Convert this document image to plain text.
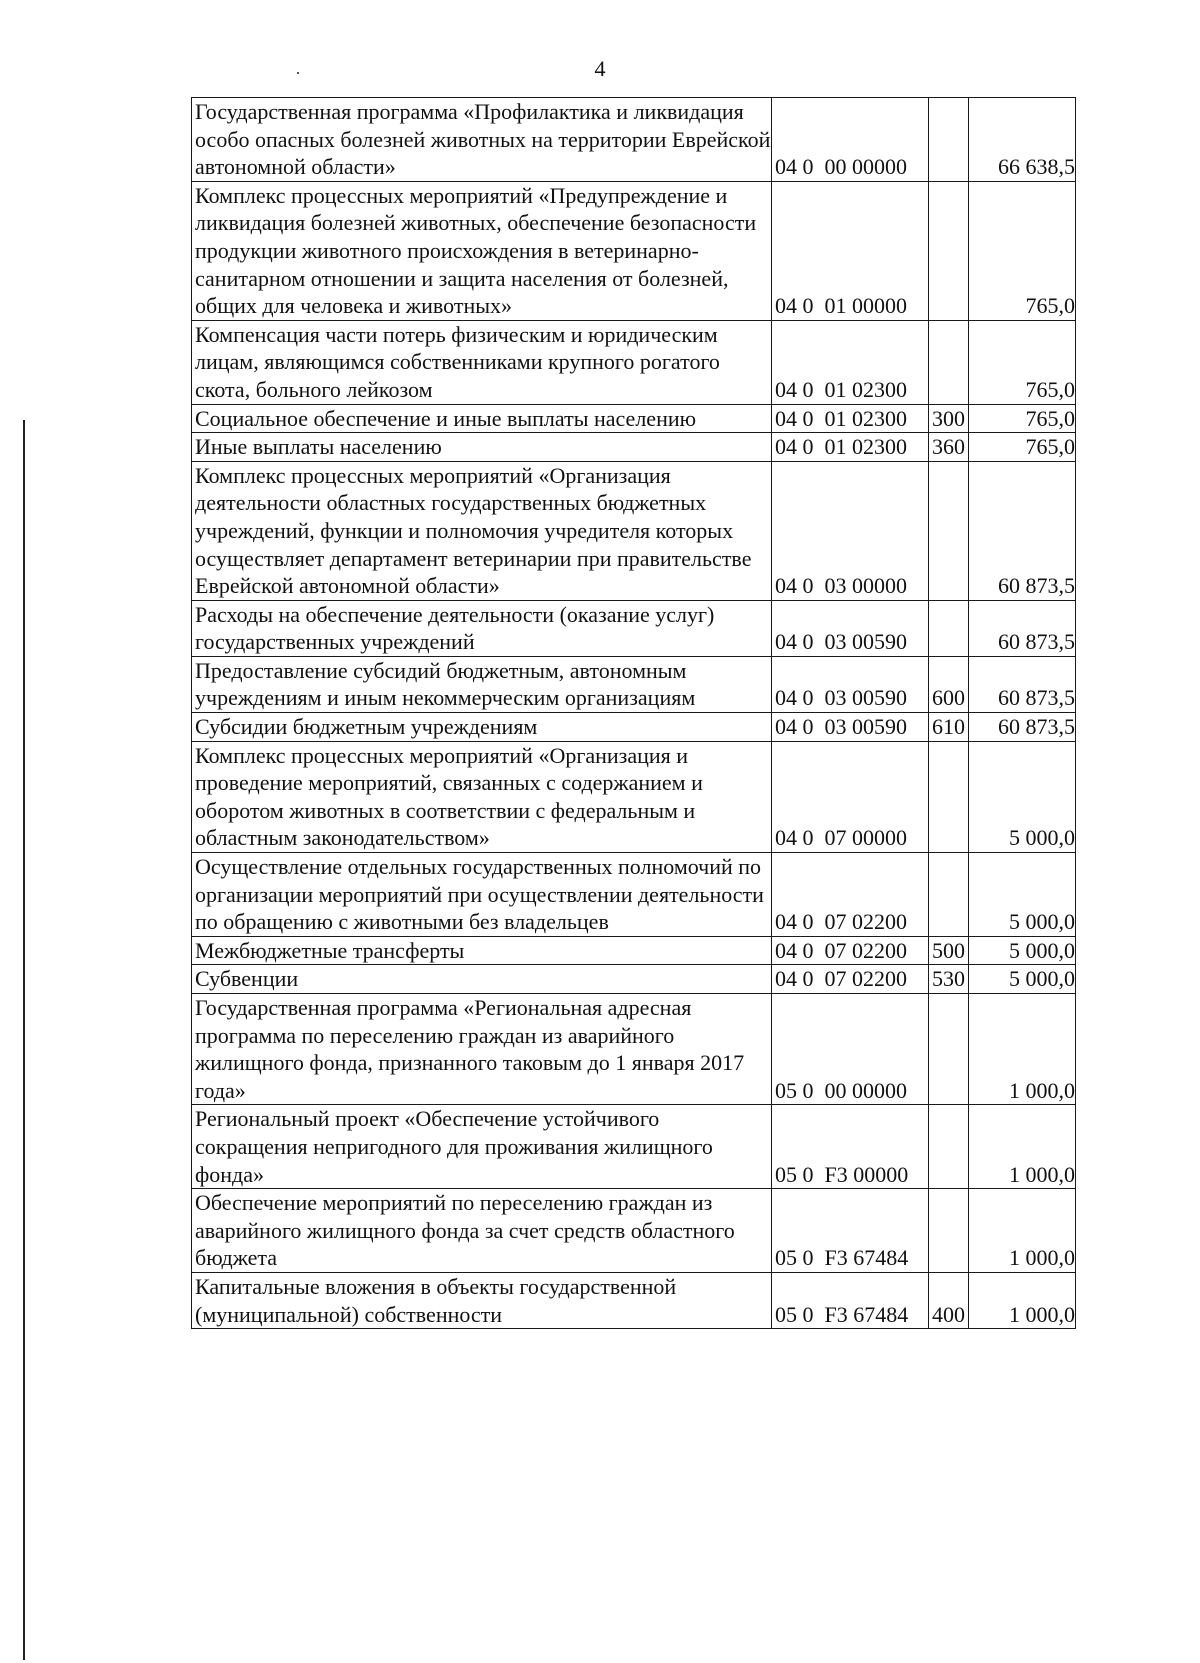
4
Государственная программа «Профилактика и ликвидация особо опасных болезней животных на территории Еврейской автономной области»	04 0  00 00000		66 638,5
Комплекс процессных мероприятий «Предупреждение и ликвидация болезней животных, обеспечение безопасности продукции животного происхождения в ветеринарно-санитарном отношении и защита населения от болезней, общих для человека и животных»	04 0  01 00000		765,0
Компенсация части потерь физическим и юридическим лицам, являющимся собственниками крупного рогатого скота, больного лейкозом	04 0  01 02300		765,0
Социальное обеспечение и иные выплаты населению	04 0  01 02300	300	765,0
Иные выплаты населению	04 0  01 02300	360	765,0
Комплекс процессных мероприятий «Организация деятельности областных государственных бюджетных учреждений, функции и полномочия учредителя которых осуществляет департамент ветеринарии при правительстве Еврейской автономной области»	04 0  03 00000		60 873,5
Расходы на обеспечение деятельности (оказание услуг) государственных учреждений	04 0  03 00590		60 873,5
Предоставление субсидий бюджетным, автономным учреждениям и иным некоммерческим организациям	04 0  03 00590	600	60 873,5
Субсидии бюджетным учреждениям	04 0  03 00590	610	60 873,5
Комплекс процессных мероприятий «Организация и проведение мероприятий, связанных с содержанием и оборотом животных в соответствии с федеральным и областным законодательством»	04 0  07 00000		5 000,0
Осуществление отдельных государственных полномочий по организации мероприятий при осуществлении деятельности по обращению с животными без владельцев	04 0  07 02200		5 000,0
Межбюджетные трансферты	04 0  07 02200	500	5 000,0
Субвенции	04 0  07 02200	530	5 000,0
Государственная программа «Региональная адресная программа по переселению граждан из аварийного жилищного фонда, признанного таковым до 1 января 2017 года»	05 0  00 00000		1 000,0
Региональный проект «Обеспечение устойчивого сокращения непригодного для проживания жилищного фонда»	05 0  F3 00000		1 000,0
Обеспечение мероприятий по переселению граждан из аварийного жилищного фонда за счет средств областного бюджета	05 0  F3 67484		1 000,0
Капитальные вложения в объекты государственной (муниципальной) собственности	05 0  F3 67484	400	1 000,0
